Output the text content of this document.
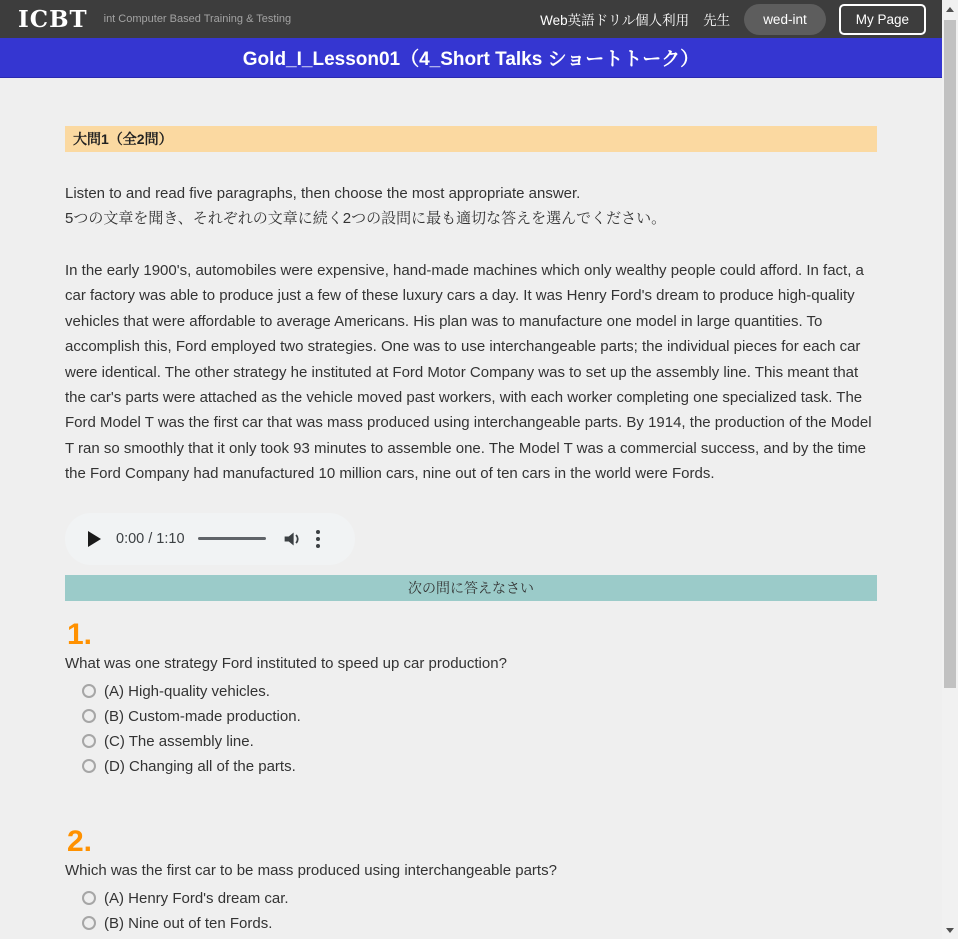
ICBT int Computer Based Training & Testing	Web英語ドリル個人利用 先生	wed-int	My Page
Gold_I_Lesson01（4_Short Talks ショートトーク）
大問1（全2問）
Listen to and read five paragraphs, then choose the most appropriate answer.
5つの文章を聞き、それぞれの文章に続く2つの設問に最も適切な答えを選んでください。
In the early 1900's, automobiles were expensive, hand-made machines which only wealthy people could afford. In fact, a car factory was able to produce just a few of these luxury cars a day. It was Henry Ford's dream to produce high-quality vehicles that were affordable to average Americans. His plan was to manufacture one model in large quantities. To accomplish this, Ford employed two strategies. One was to use interchangeable parts; the individual pieces for each car were identical. The other strategy he instituted at Ford Motor Company was to set up the assembly line. This meant that the car's parts were attached as the vehicle moved past workers, with each worker completing one specialized task. The Ford Model T was the first car that was mass produced using interchangeable parts. By 1914, the production of the Model T ran so smoothly that it only took 93 minutes to assemble one. The Model T was a commercial success, and by the time the Ford Company had manufactured 10 million cars, nine out of ten cars in the world were Fords.
0:00 / 1:10
次の問に答えなさい
1.
What was one strategy Ford instituted to speed up car production?
(A) High-quality vehicles.
(B) Custom-made production.
(C) The assembly line.
(D) Changing all of the parts.
2.
Which was the first car to be mass produced using interchangeable parts?
(A) Henry Ford's dream car.
(B) Nine out of ten Fords.
